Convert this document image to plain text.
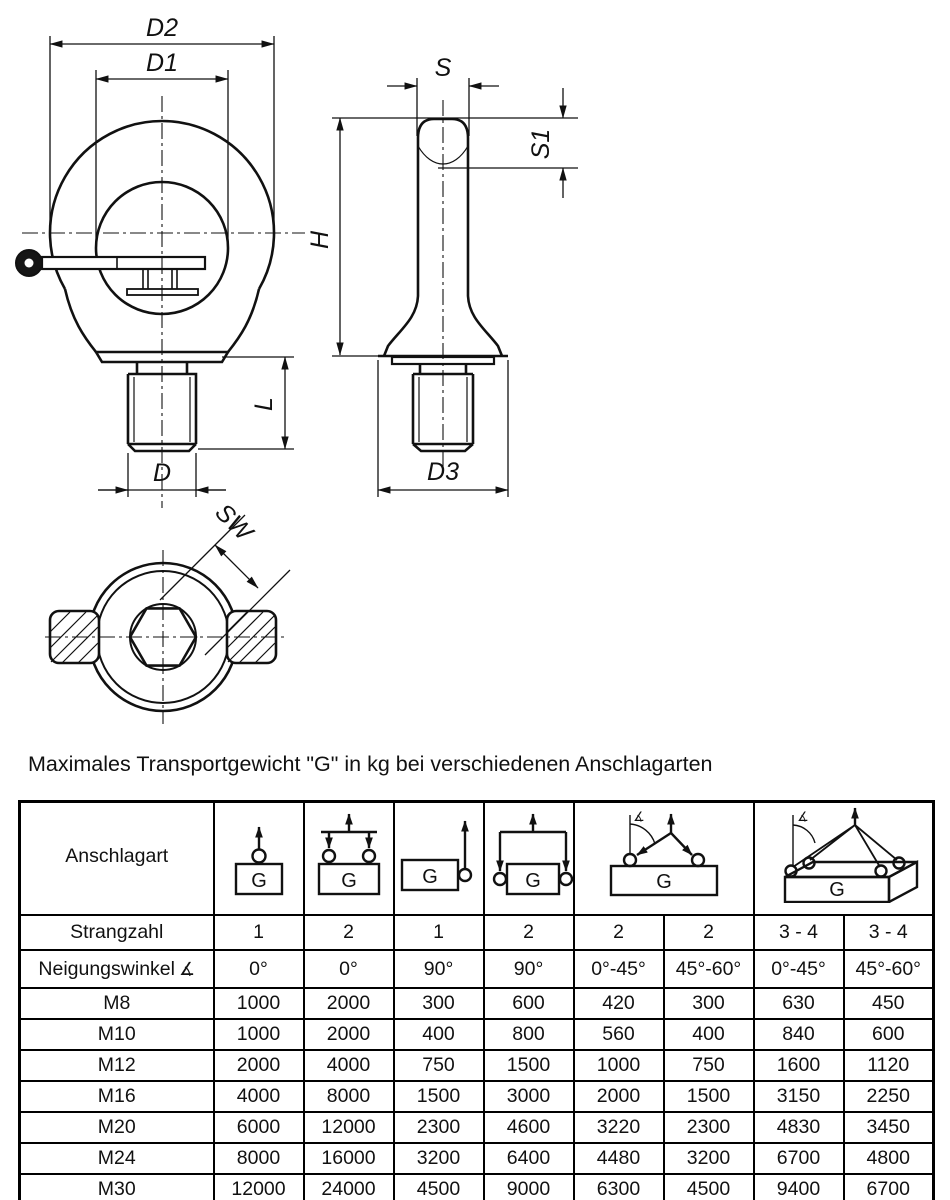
D2
D1
L
D
S
S1
H
D3
SW
Maximales Transportgewicht "G" in kg bei verschiedenen Anschlagarten
Anschlagart	G	G	G	G	G
∡		G
∡	

Strangzahl	1	2	1	2	2	2	3 - 4	3 - 4
Neigungswinkel ∡	0°	0°	90°	90°	0°-45°	45°-60°	0°-45°	45°-60°
M8	1000	2000	300	600	420	300	630	450
M10	1000	2000	400	800	560	400	840	600
M12	2000	4000	750	1500	1000	750	1600	1120
M16	4000	8000	1500	3000	2000	1500	3150	2250
M20	6000	12000	2300	4600	3220	2300	4830	3450
M24	8000	16000	3200	6400	4480	3200	6700	4800
M30	12000	24000	4500	9000	6300	4500	9400	6700
